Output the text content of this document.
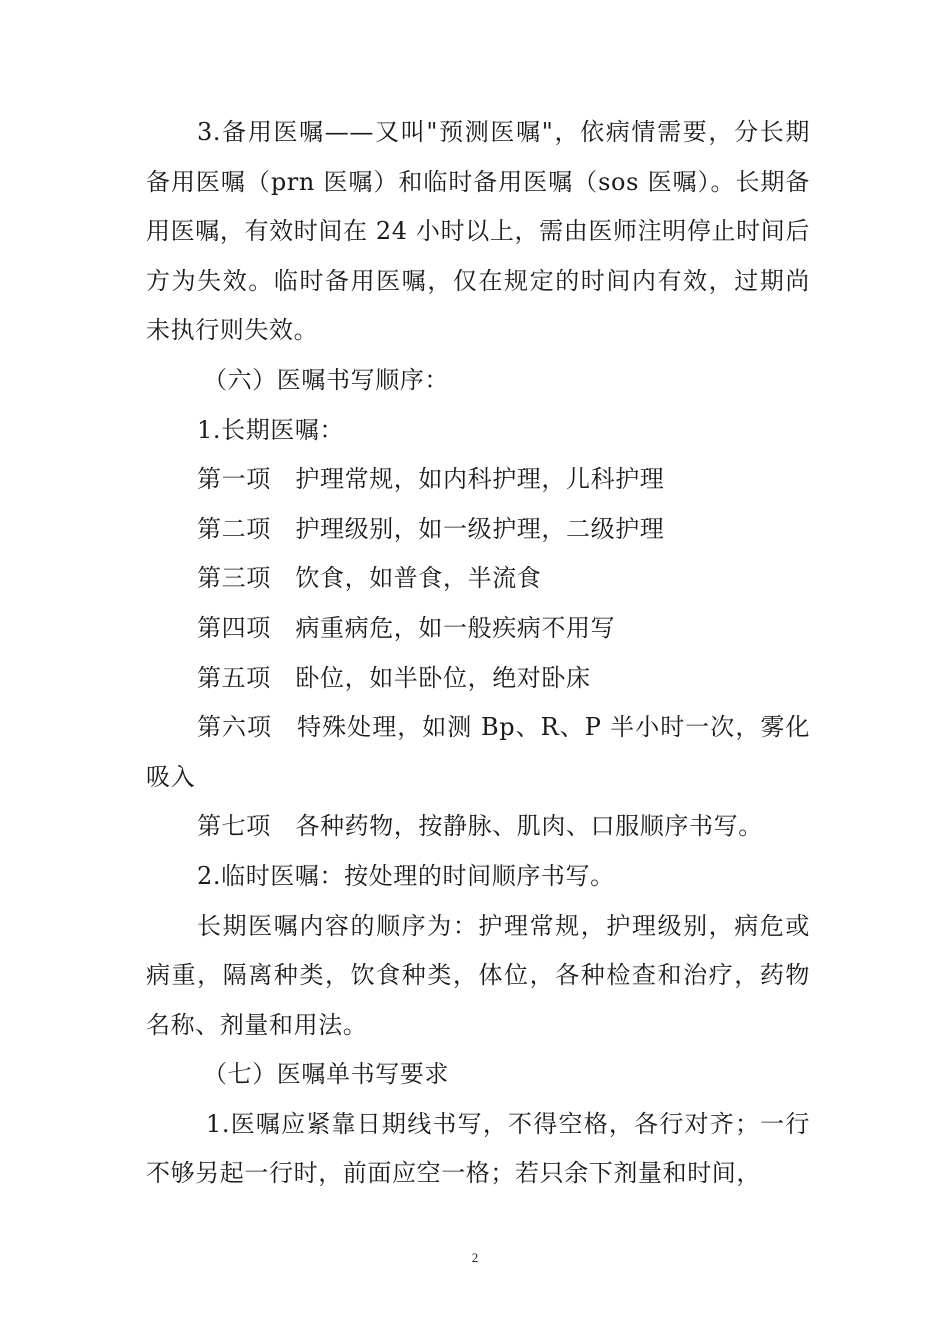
3.备用医嘱——又叫"预测医嘱"，依病情需要，分长期备用医嘱（prn 医嘱）和临时备用医嘱（sos 医嘱）。长期备用医嘱，有效时间在 24 小时以上，需由医师注明停止时间后方为失效。临时备用医嘱，仅在规定的时间内有效，过期尚未执行则失效。

（六）医嘱书写顺序：

1.长期医嘱：

第一项　护理常规，如内科护理，儿科护理

第二项　护理级别，如一级护理，二级护理

第三项　饮食，如普食，半流食

第四项　病重病危，如一般疾病不用写

第五项　卧位，如半卧位，绝对卧床

第六项　特殊处理，如测 Bp、R、P 半小时一次，雾化吸入

第七项　各种药物，按静脉、肌肉、口服顺序书写。

2.临时医嘱：按处理的时间顺序书写。

长期医嘱内容的顺序为：护理常规，护理级别，病危或病重，隔离种类，饮食种类，体位，各种检查和治疗，药物名称、剂量和用法。

（七）医嘱单书写要求

1.医嘱应紧靠日期线书写，不得空格，各行对齐；一行不够另起一行时，前面应空一格；若只余下剂量和时间，

2
